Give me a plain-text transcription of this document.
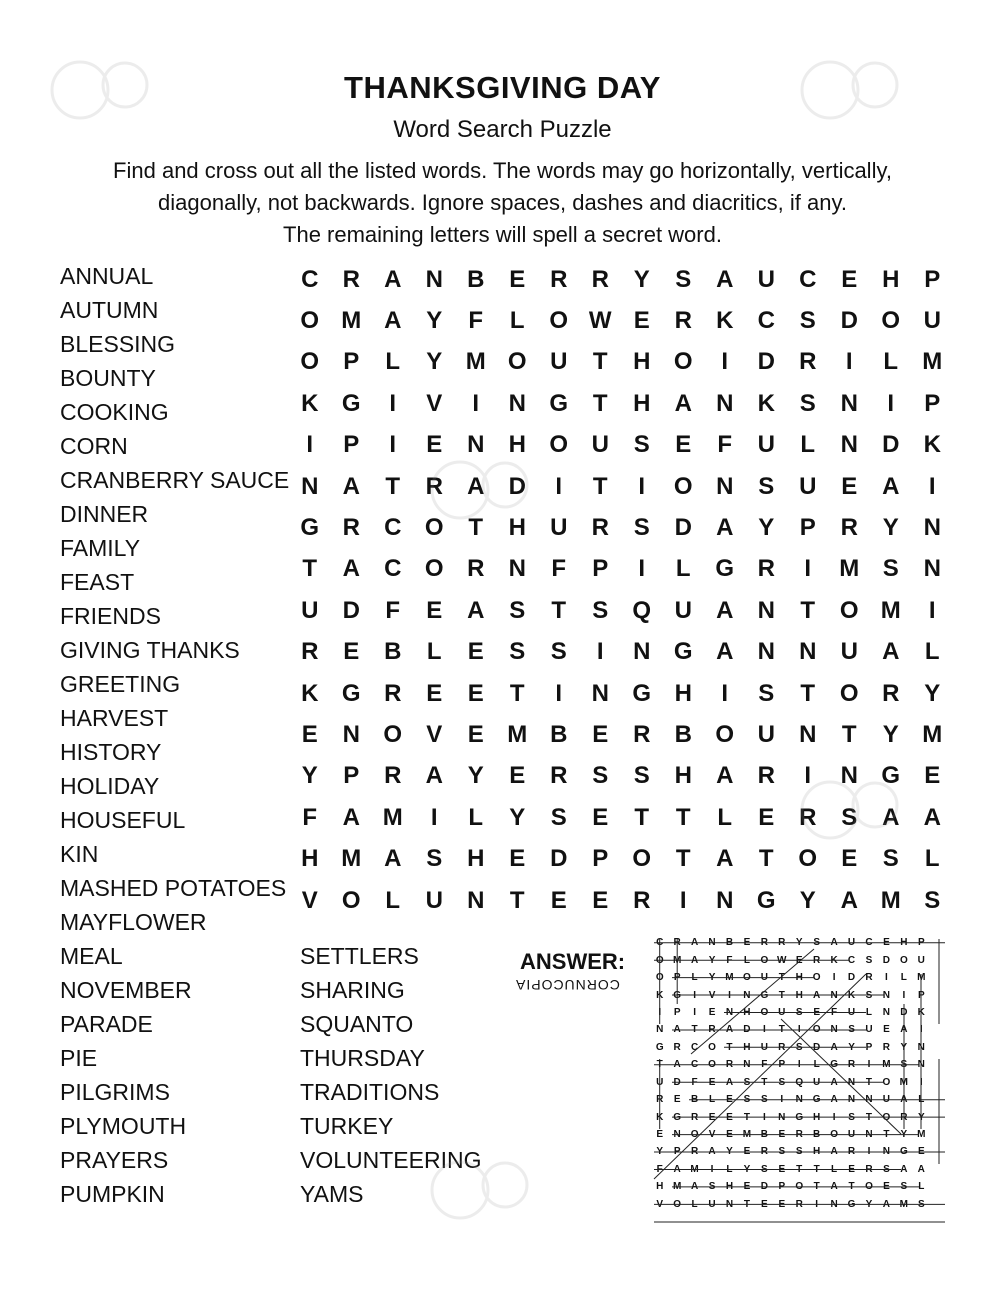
THANKSGIVING DAY
Word Search Puzzle
Find and cross out all the listed words. The words may go horizontally, vertically,
diagonally, not backwards. Ignore spaces, dashes and diacritics, if any.
The remaining letters will spell a secret word.
ANNUAL
AUTUMN
BLESSING
BOUNTY
COOKING
CORN
CRANBERRY SAUCE
DINNER
FAMILY
FEAST
FRIENDS
GIVING THANKS
GREETING
HARVEST
HISTORY
HOLIDAY
HOUSEFUL
KIN
MASHED POTATOES
MAYFLOWER
MEAL
NOVEMBER
PARADE
PIE
PILGRIMS
PLYMOUTH
PRAYERS
PUMPKIN
SETTLERS
SHARING
SQUANTO
THURSDAY
TRADITIONS
TURKEY
VOLUNTEERING
YAMS
C	R	A	N	B	E	R	R	Y	S	A	U	C	E	H	P
O M A	Y	F	L	O W E	R	K	C	S	D O U
O	P	L	Y M O U	T	H O	I	D	R	I	L	M
K G	I	V	I	N G	T	H	A	N	K	S	N	I	P
I	P	I	E	N	H O U	S	E	F	U	L	N	D	K
N	A	T	R	A	D	I	T	I	O N	S	U	E	A	I
G R	C O	T	H	U	R	S	D	A	Y	P	R	Y	N
T	A	C O R	N	F	P	I	L	G R	I	M S	N
U	D	F	E	A	S	T	S	Q U	A	N	T	O M	I
R	E	B	L	E	S	S	I	N G A	N	N	U	A	L
K G R	E	E	T	I	N G H	I	S	T	O R	Y
E	N O	V	E M B	E	R	B O U	N	T	Y M
Y	P	R	A	Y	E	R	S	S	H	A	R	I	N G	E
F	A M	I	L	Y	S	E	T	T	L	E	R	S	A	A
H M A	S	H	E	D	P	O	T	A	T	O	E	S	L
V	O	L	U	N	T	E	E	R	I	N G	Y	A M S
ANSWER:
CORNUCOPIA
C	R	A	N	B	E	R	R	Y	S	A	U	C	E	H	P
O M A	Y	F	L	O W E	R	K	C	S	D O U
O	P	L	Y M O U	T	H O	I	D	R	I	L	M
K G	I	V	I	N G	T	H	A	N	K	S	N	I	P
I	P	I	E	N	H O U	S	E	F	U	L	N	D	K
N	A	T	R	A	D	I	T	I	O N	S	U	E	A	I
G R	C O	T	H	U	R	S	D	A	Y	P	R	Y	N
T	A	C O R	N	F	P	I	L	G R	I	M S	N
U	D	F	E	A	S	T	S	Q U	A	N	T	O M	I
R	E	B	L	E	S	S	I	N G A	N	N	U	A	L
K G R	E	E	T	I	N G H	I	S	T	O R	Y
E	N O	V	E M B	E	R	B O U	N	T	Y M
Y	P	R	A	Y	E	R	S	S	H	A	R	I	N G	E
F	A M	I	L	Y	S	E	T	T	L	E	R	S	A	A
H M A	S	H	E	D	P	O	T	A	T	O	E	S	L
V	O	L	U	N	T	E	E	R	I	N G	Y	A M S
